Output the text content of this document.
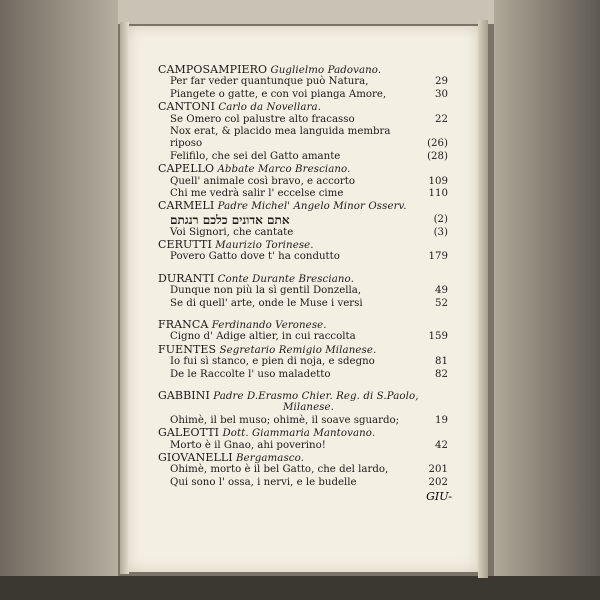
CAMPOSAMPIERO Guglielmo Padovano.
Per far veder quantunque può Natura,	29
Piangete o gatte, e con voi pianga Amore,	30
CANTONI Carlo da Novellara.
Se Omero col palustre alto fracasso	22
Nox erat, & placido mea languida membra
riposo	(26)
Felifilo, che sei del Gatto amante	(28)
CAPELLO Abbate Marco Bresciano.
Quell' animale così bravo, e accorto	109
Chi me vedrà salir l' eccelse cime	110
CARMELI Padre Michel' Angelo Minor Osserv.
אתם אדונים כלכם רנגתם	(2)
Voi Signori, che cantate	(3)
CERUTTI Maurizio Torinese.
Povero Gatto dove t' ha condutto	179
DURANTI Conte Durante Bresciano.
Dunque non più la sì gentil Donzella,	49
Se di quell' arte, onde le Muse i versi	52
FRANCA Ferdinando Veronese.
Cigno d' Adige altier, in cui raccolta	159
FUENTES Segretario Remigio Milanese.
Io fui sì stanco, e pien di noja, e sdegno	81
De le Raccolte l' uso maladetto	82
GABBINI Padre D.Erasmo Chier. Reg. di S.Paolo,
Milanese.
Ohimè, il bel muso; ohimè, il soave sguardo;	19
GALEOTTI Dott. Giammaria Mantovano.
Morto è il Gnao, ahi poverino!	42
GIOVANELLI Bergamasco.
Ohimè, morto è il bel Gatto, che del lardo,	201
Qui sono l' ossa, i nervi, e le budelle	202
GIU-
